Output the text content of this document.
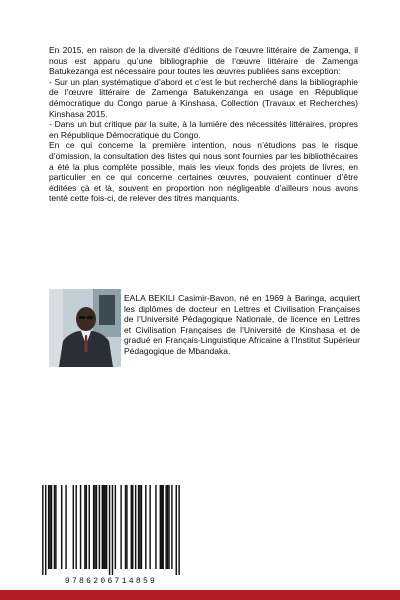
En 2015, en raison de la diversité d’éditions de l’œuvre littéraire de Zamenga, il nous est apparu qu’une bibliographie de l’œuvre littéraire de Zamenga Batukezanga est nécessaire pour toutes les œuvres publiées sans exception:

- Sur un plan systématique d’abord et c’est le but recherché dans la bibliographie de l’œuvre littéraire de Zamenga Batukenzanga en usage en République démocratique du Congo parue à Kinshasa, Collection (Travaux et Recherches) Kinshasa 2015.

- Dans un but critique par la suite, à la lumière des nécessités littéraires, propres en République Démocratique du Congo.

En ce qui concerne la première intention, nous n’étudions pas le risque d’omission, la consultation des listes qui nous sont fournies par les bibliothécaires a été la plus complète possible, mais les vieux fonds des projets de livres, en particulier en ce qui concerne certaines œuvres, pouvaient continuer d’être éditées çà et là, souvent en proportion non négligeable d’ailleurs nous avons tenté cette fois-ci, de relever des titres manquants.

EALA BEKILI Casimir-Bavon, né en 1969 à Baringa, acquiert les diplômes de docteur en Lettres et Civilisation Françaises de l’Université Pédagogique Nationale, de licence en Lettres et Civilisation Françaises de l’Université de Kinshasa et de gradué en Français-Linguistique Africaine à l’Institut Supérieur Pédagogique de Mbandaka.

9786206714859
